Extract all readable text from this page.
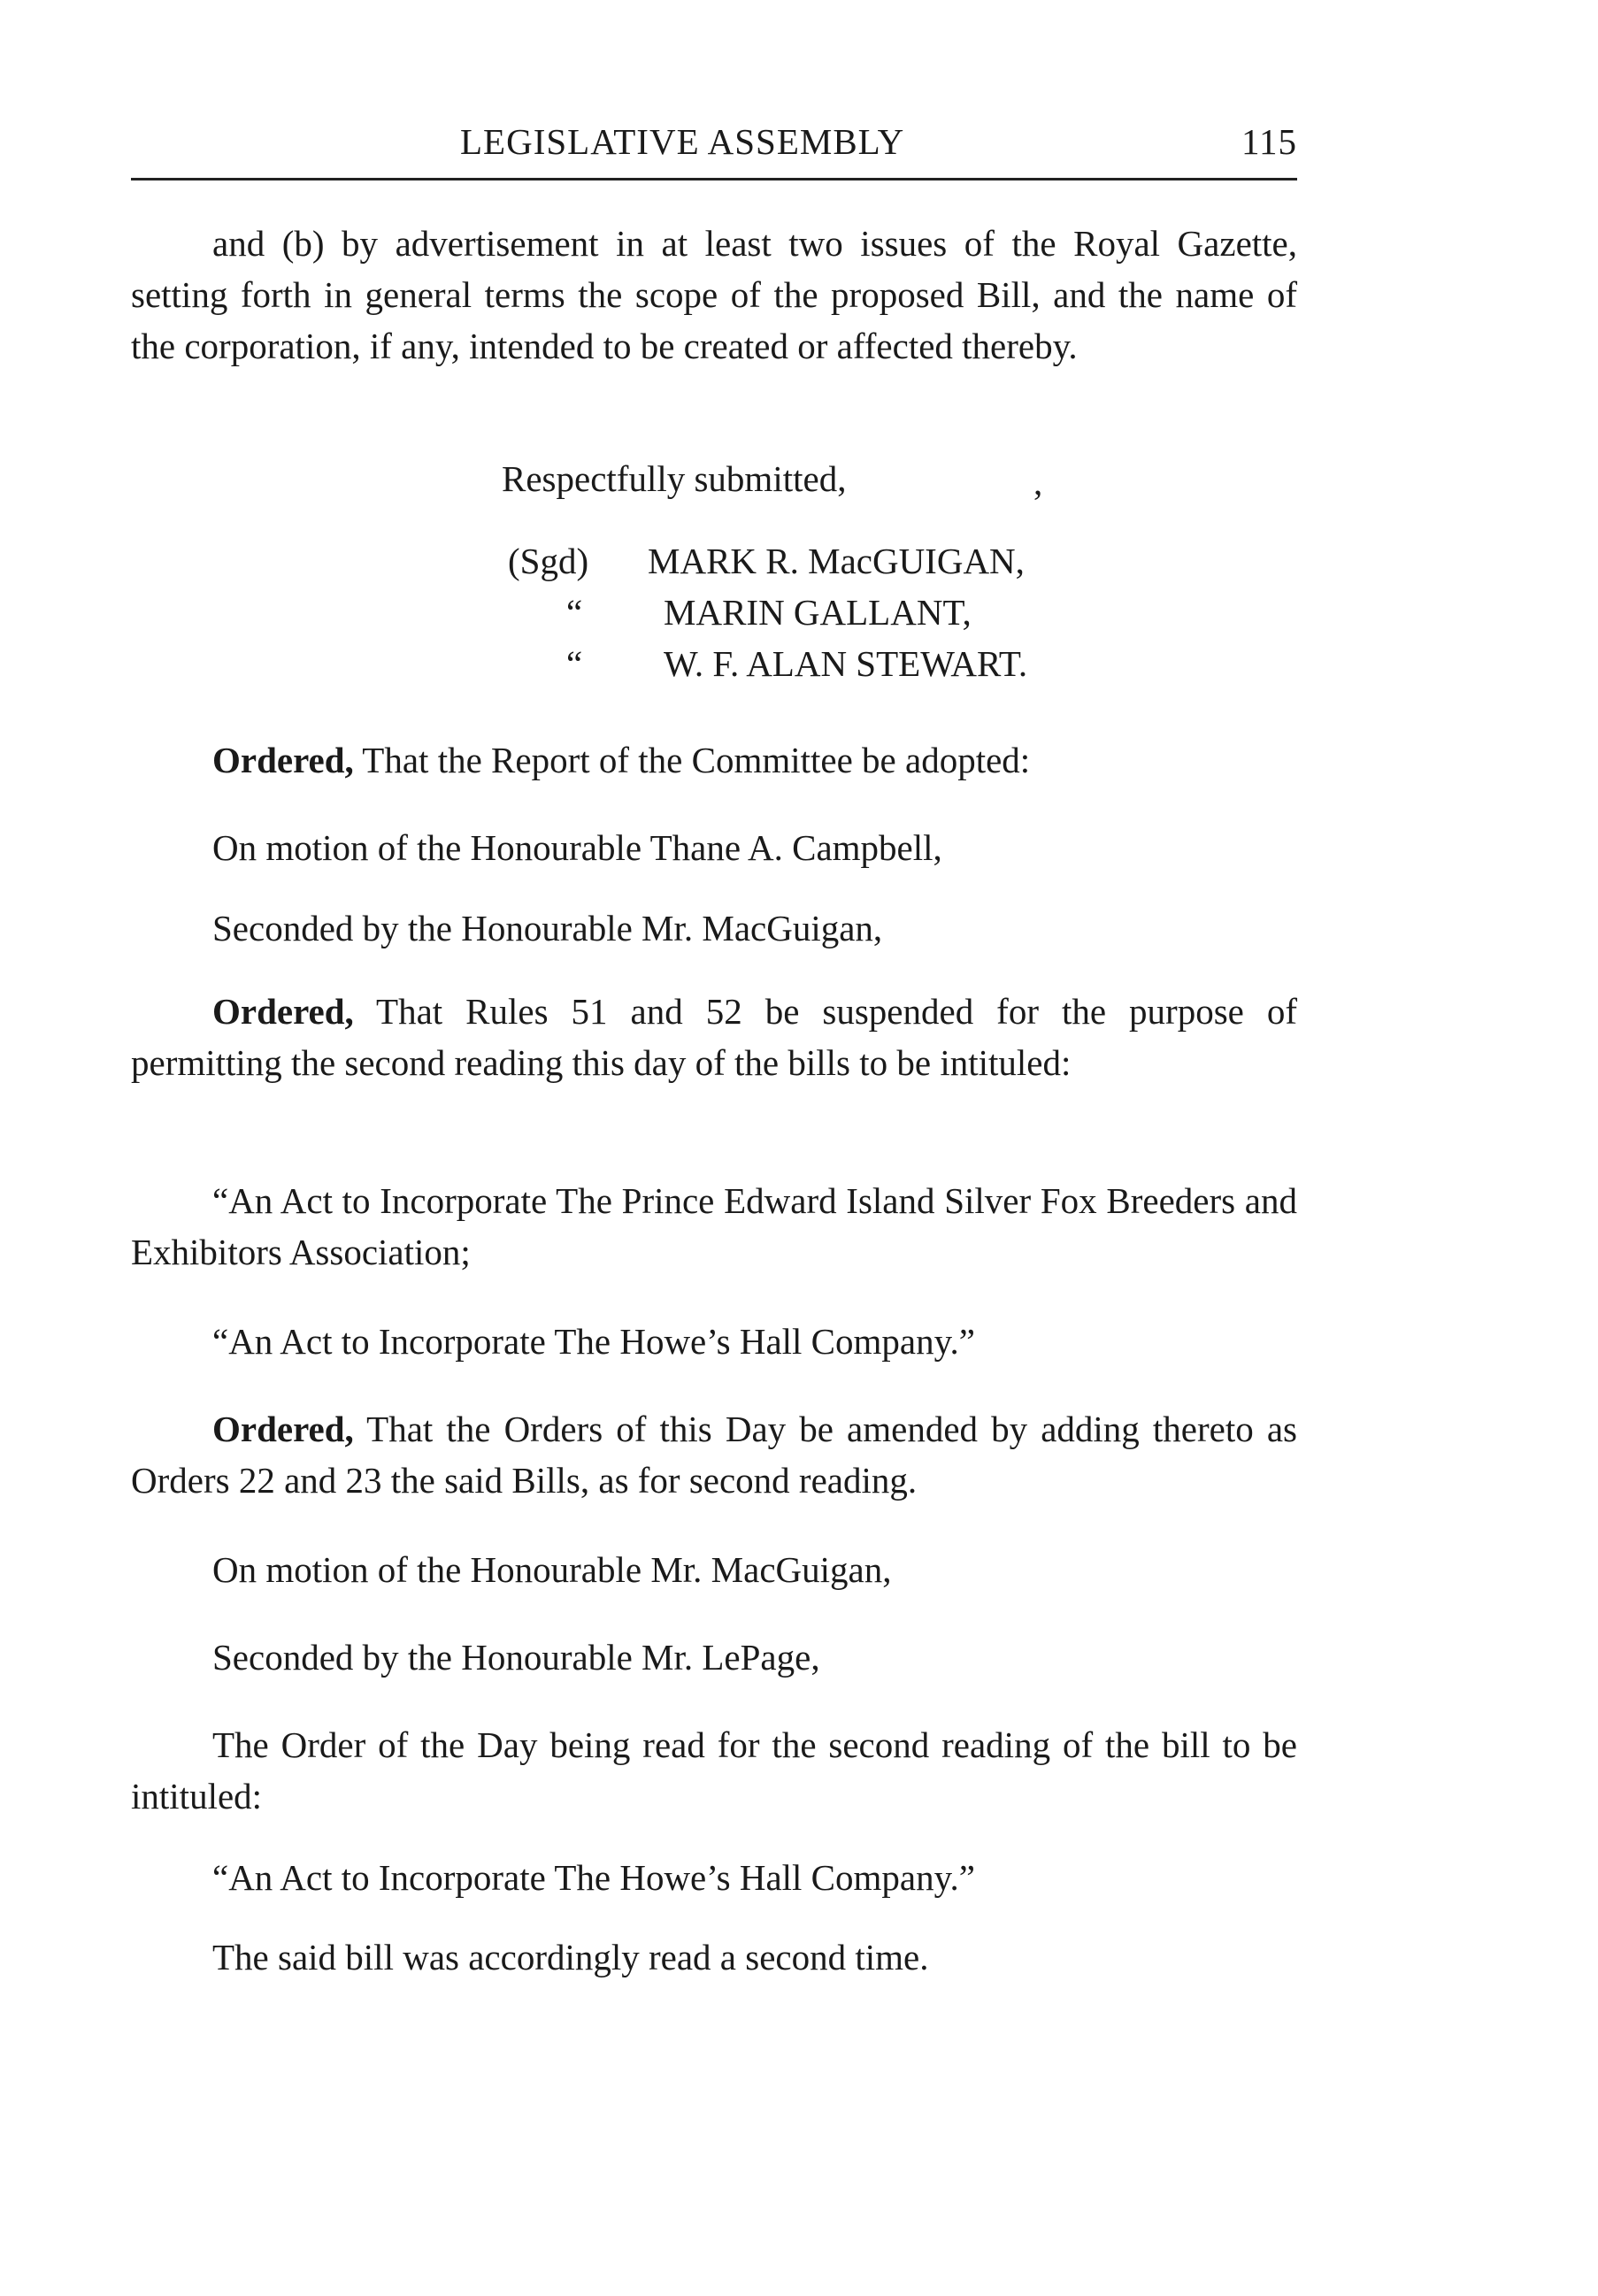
LEGISLATIVE ASSEMBLY	115
and (b) by advertisement in at least two issues of the Royal Gazette, setting forth in general terms the scope of the proposed Bill, and the name of the corporation, if any, intended to be created or affected thereby.
Respectfully submitted,	,
(Sgd) MARK R. MacGUIGAN,
“ MARIN GALLANT,
“ W. F. ALAN STEWART.
Ordered, That the Report of the Committee be adopted:
On motion of the Honourable Thane A. Campbell,
Seconded by the Honourable Mr. MacGuigan,
Ordered, That Rules 51 and 52 be suspended for the purpose of permitting the second reading this day of the bills to be intituled:
“An Act to Incorporate The Prince Edward Island Silver Fox Breeders and Exhibitors Association;
“An Act to Incorporate The Howe’s Hall Company.”
Ordered, That the Orders of this Day be amended by adding thereto as Orders 22 and 23 the said Bills, as for second reading.
On motion of the Honourable Mr. MacGuigan,
Seconded by the Honourable Mr. LePage,
The Order of the Day being read for the second reading of the bill to be intituled:
“An Act to Incorporate The Howe’s Hall Company.”
The said bill was accordingly read a second time.
